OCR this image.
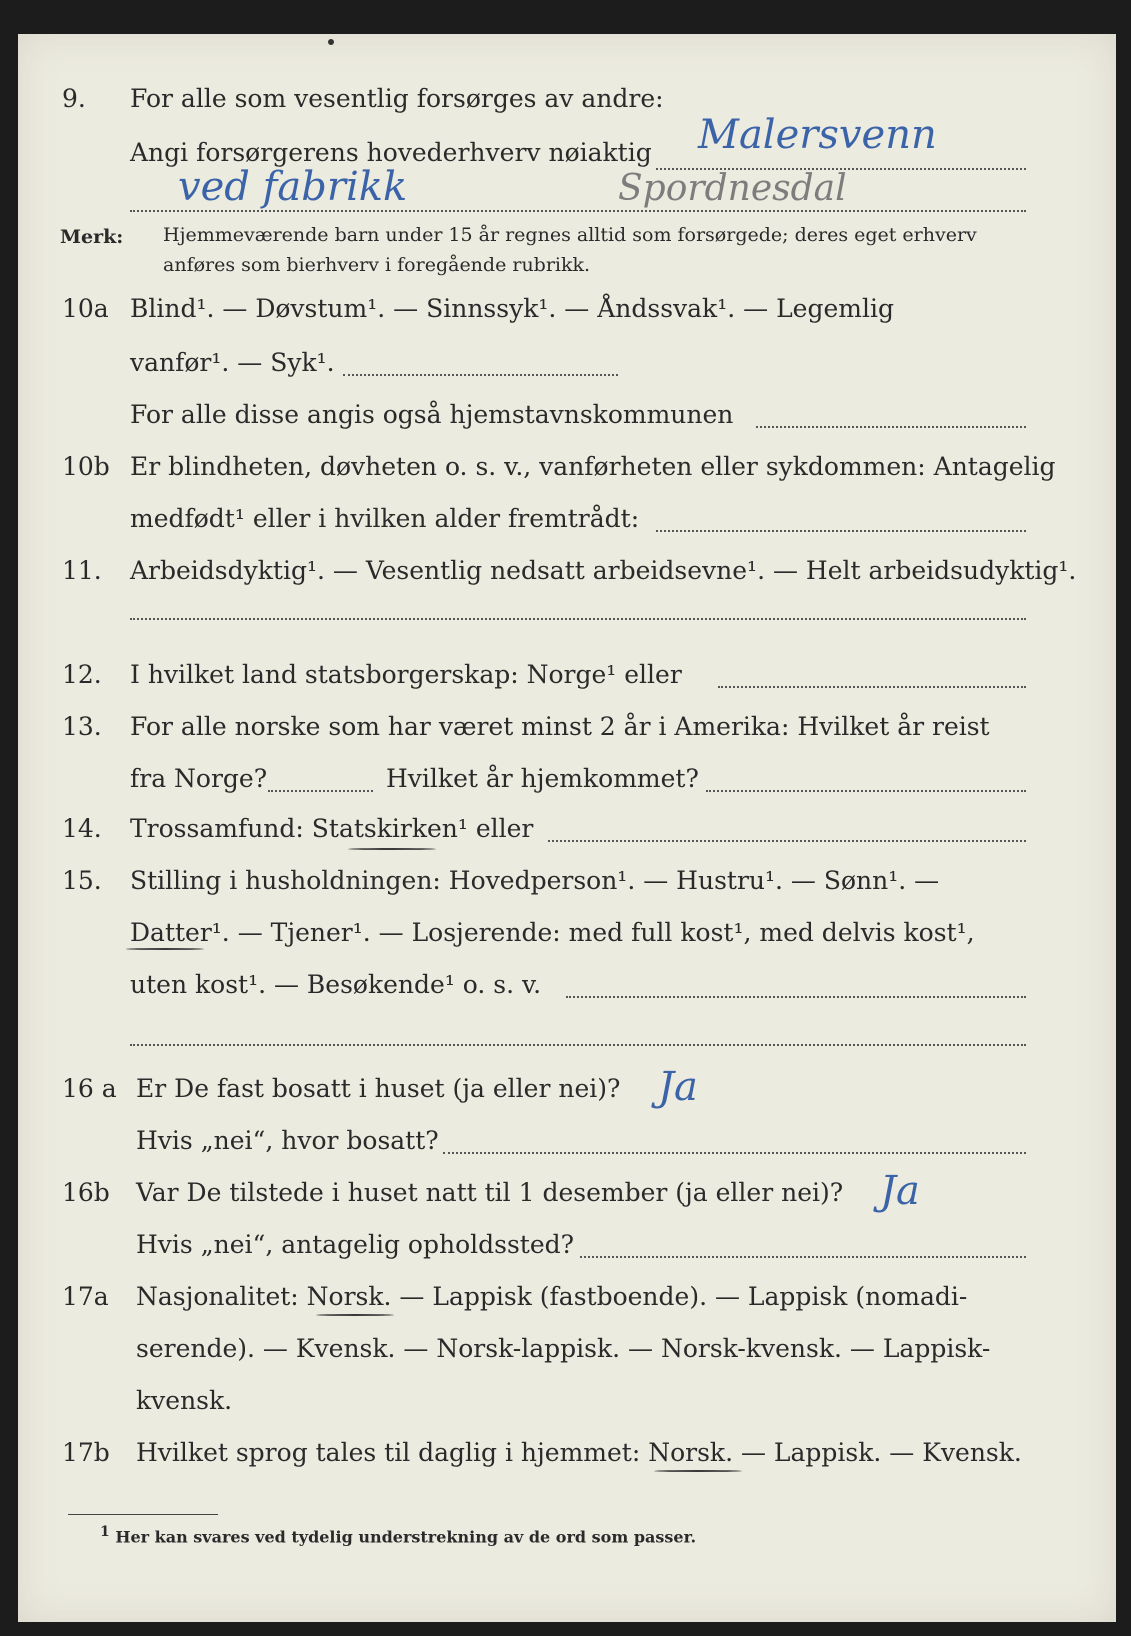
9. For alle som vesentlig forsørges av andre:
Angi forsørgerens hovederhverv nøiaktig Malersvenn
ved fabrikk	Spordnesdal
Merk: Hjemmeværende barn under 15 år regnes alltid som forsørgede; deres eget erhverv
anføres som bierhverv i foregående rubrikk.
10a Blind¹. — Døvstum¹. — Sinnssyk¹. — Åndssvak¹. — Legemlig
vanfør¹. — Syk¹.
For alle disse angis også hjemstavnskommunen
10b Er blindheten, døvheten o. s. v., vanførheten eller sykdommen: Antagelig
medfødt¹ eller i hvilken alder fremtrådt:
11. Arbeidsdyktig¹. — Vesentlig nedsatt arbeidsevne¹. — Helt arbeidsudyktig¹.
12. I hvilket land statsborgerskap: Norge¹ eller
13. For alle norske som har været minst 2 år i Amerika: Hvilket år reist
fra Norge?	Hvilket år hjemkommet?
14. Trossamfund: Statskirken¹ eller
15. Stilling i husholdningen: Hovedperson¹. — Hustru¹. — Sønn¹. —
Datter¹. — Tjener¹. — Losjerende: med full kost¹, med delvis kost¹,
uten kost¹. — Besøkende¹ o. s. v.
16 a Er De fast bosatt i huset (ja eller nei)? Ja
Hvis „nei“, hvor bosatt?
16b Var De tilstede i huset natt til 1 desember (ja eller nei)? Ja
Hvis „nei“, antagelig opholdssted?
17a Nasjonalitet: Norsk. — Lappisk (fastboende). — Lappisk (nomadi-
serende). — Kvensk. — Norsk-lappisk. — Norsk-kvensk. — Lappisk-
kvensk.
17b Hvilket sprog tales til daglig i hjemmet: Norsk. — Lappisk. — Kvensk.
1 Her kan svares ved tydelig understrekning av de ord som passer.
